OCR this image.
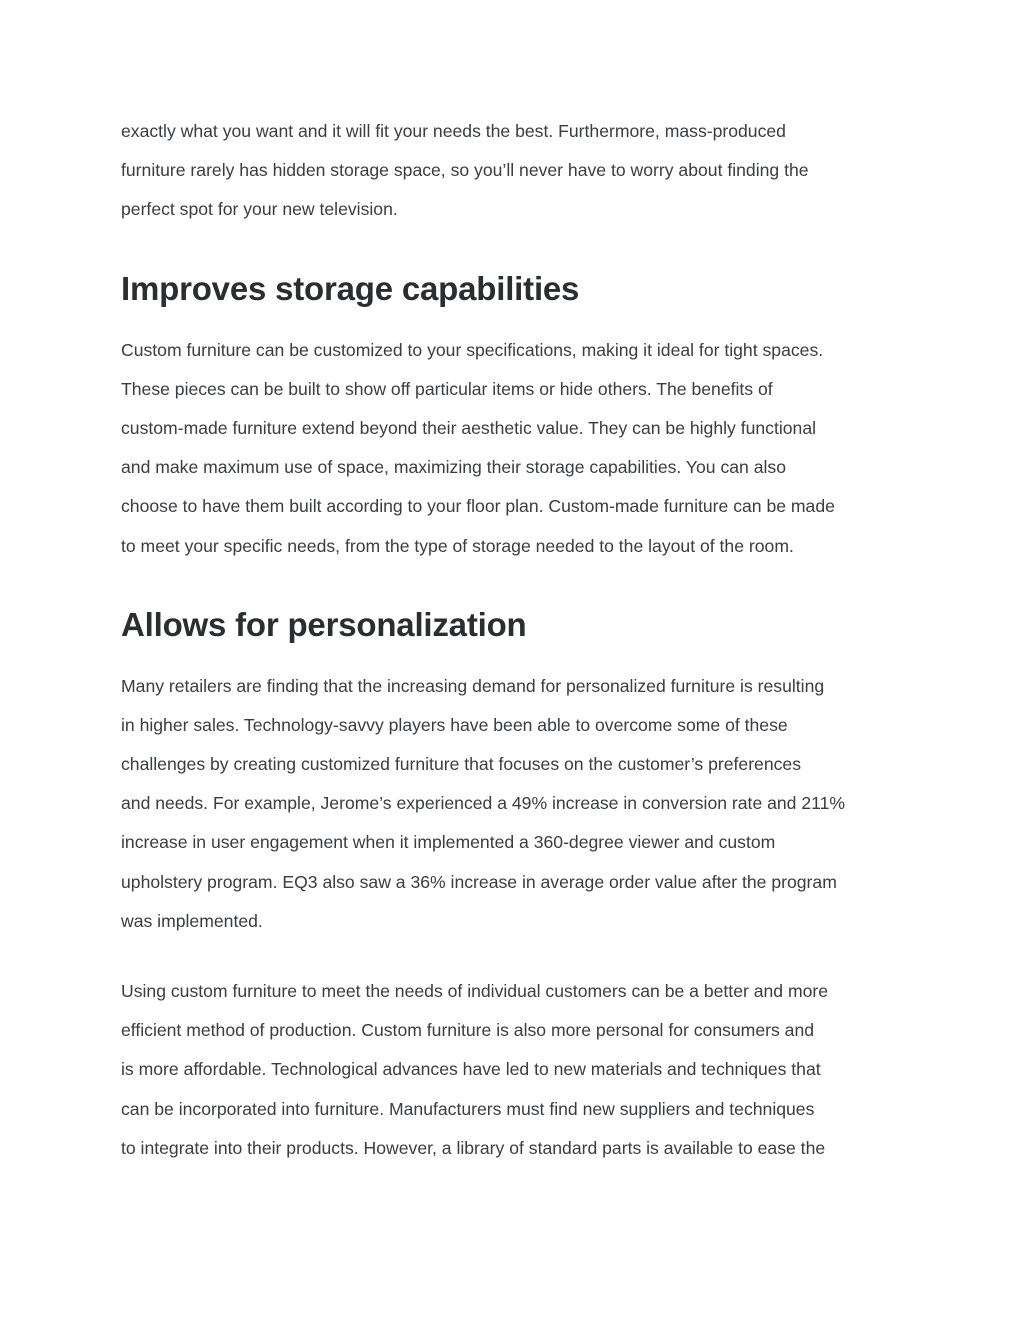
exactly what you want and it will fit your needs the best. Furthermore, mass-produced
furniture rarely has hidden storage space, so you’ll never have to worry about finding the
perfect spot for your new television.

Improves storage capabilities

Custom furniture can be customized to your specifications, making it ideal for tight spaces.
These pieces can be built to show off particular items or hide others. The benefits of
custom-made furniture extend beyond their aesthetic value. They can be highly functional
and make maximum use of space, maximizing their storage capabilities. You can also
choose to have them built according to your floor plan. Custom-made furniture can be made
to meet your specific needs, from the type of storage needed to the layout of the room.

Allows for personalization

Many retailers are finding that the increasing demand for personalized furniture is resulting
in higher sales. Technology-savvy players have been able to overcome some of these
challenges by creating customized furniture that focuses on the customer’s preferences
and needs. For example, Jerome’s experienced a 49% increase in conversion rate and 211%
increase in user engagement when it implemented a 360-degree viewer and custom
upholstery program. EQ3 also saw a 36% increase in average order value after the program
was implemented.

Using custom furniture to meet the needs of individual customers can be a better and more
efficient method of production. Custom furniture is also more personal for consumers and
is more affordable. Technological advances have led to new materials and techniques that
can be incorporated into furniture. Manufacturers must find new suppliers and techniques
to integrate into their products. However, a library of standard parts is available to ease the
